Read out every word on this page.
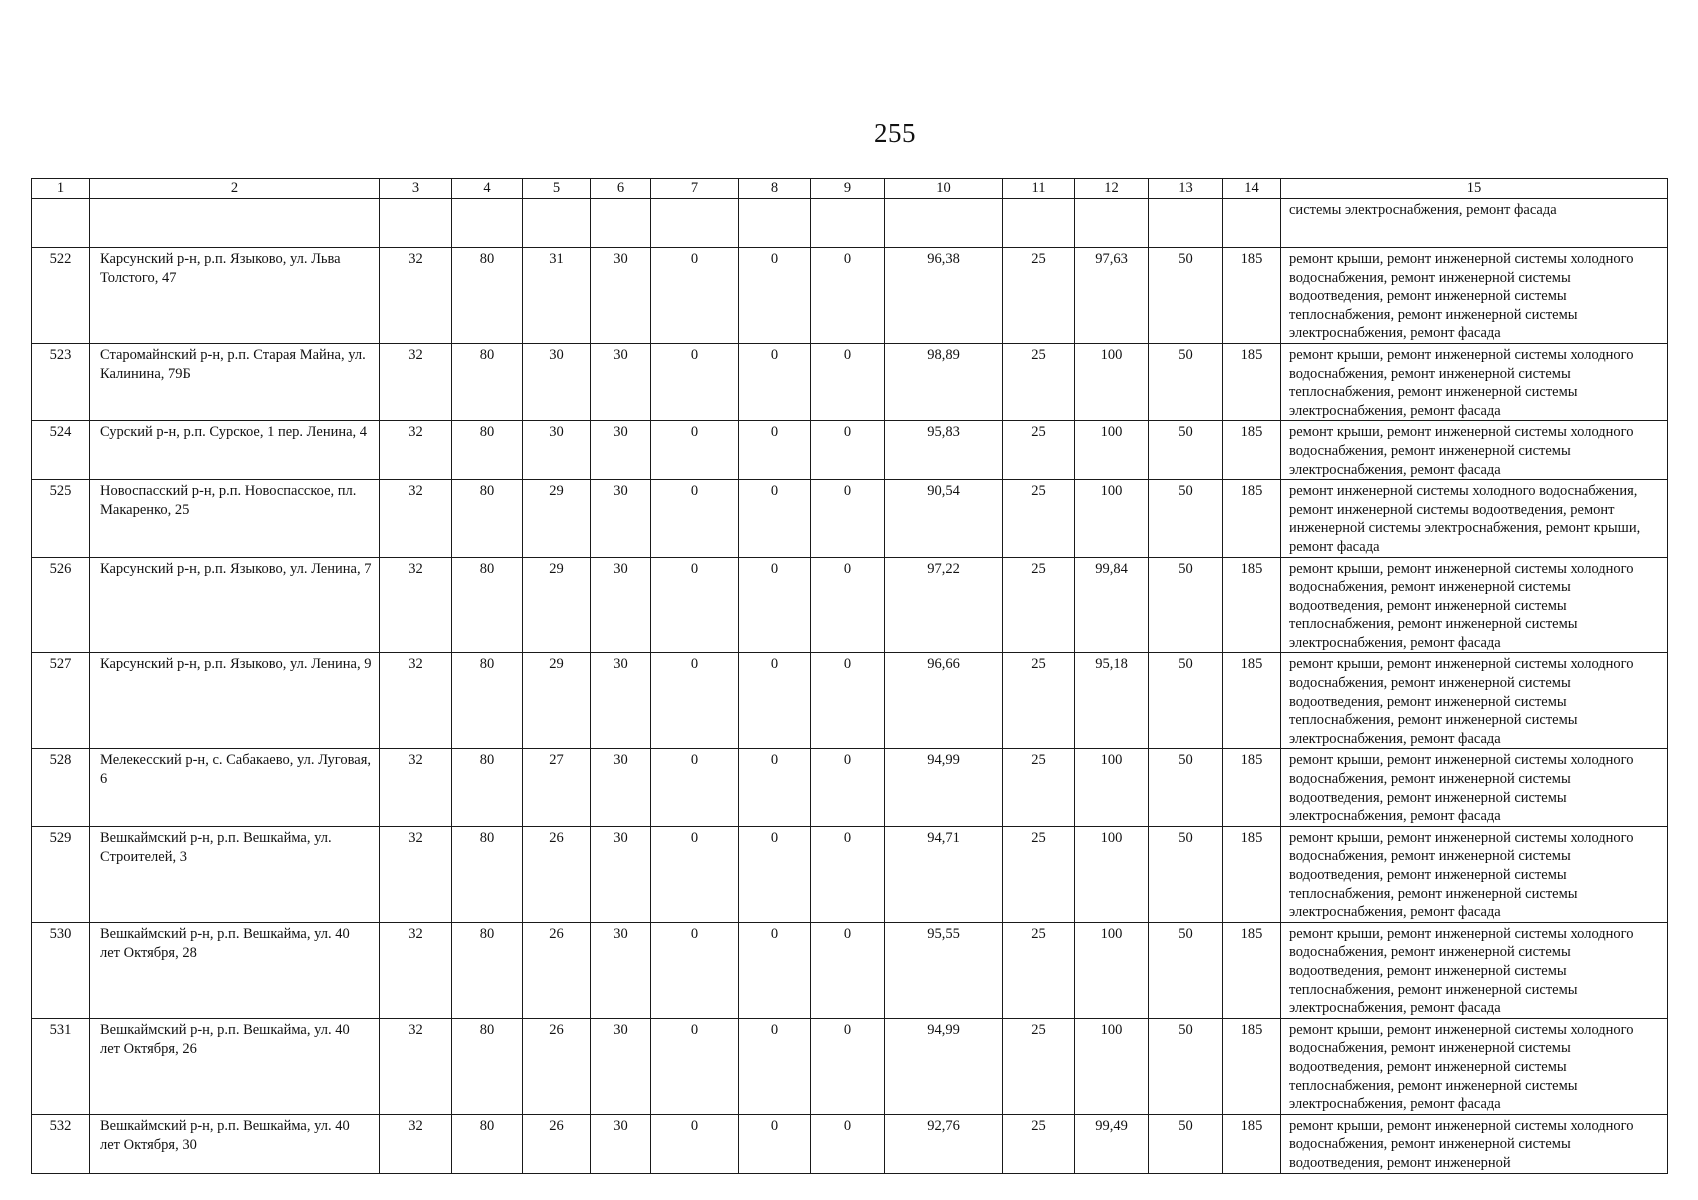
255
1	2	3	4	5	6	7	8	9	10	11	12	13	14	15
														системы электроснабжения, ремонт фасада
522	Карсунский р-н, р.п. Языково, ул. Льва Толстого, 47	32	80	31	30	0	0	0	96,38	25	97,63	50	185	ремонт крыши, ремонт инженерной системы холодного водоснабжения, ремонт инженерной системы водоотведения, ремонт инженерной системы теплоснабжения, ремонт инженерной системы электроснабжения, ремонт фасада
523	Старомайнский р-н, р.п. Старая Майна, ул. Калинина, 79Б	32	80	30	30	0	0	0	98,89	25	100	50	185	ремонт крыши, ремонт инженерной системы холодного водоснабжения, ремонт инженерной системы теплоснабжения, ремонт инженерной системы электроснабжения, ремонт фасада
524	Сурский р-н, р.п. Сурское, 1 пер. Ленина, 4	32	80	30	30	0	0	0	95,83	25	100	50	185	ремонт крыши, ремонт инженерной системы холодного водоснабжения, ремонт инженерной системы электроснабжения, ремонт фасада
525	Новоспасский р-н, р.п. Новоспасское, пл. Макаренко, 25	32	80	29	30	0	0	0	90,54	25	100	50	185	ремонт инженерной системы холодного водоснабжения, ремонт инженерной системы водоотведения, ремонт инженерной системы электроснабжения, ремонт крыши, ремонт фасада
526	Карсунский р-н, р.п. Языково, ул. Ленина, 7	32	80	29	30	0	0	0	97,22	25	99,84	50	185	ремонт крыши, ремонт инженерной системы холодного водоснабжения, ремонт инженерной системы водоотведения, ремонт инженерной системы теплоснабжения, ремонт инженерной системы электроснабжения, ремонт фасада
527	Карсунский р-н, р.п. Языково, ул. Ленина, 9	32	80	29	30	0	0	0	96,66	25	95,18	50	185	ремонт крыши, ремонт инженерной системы холодного водоснабжения, ремонт инженерной системы водоотведения, ремонт инженерной системы теплоснабжения, ремонт инженерной системы электроснабжения, ремонт фасада
528	Мелекесский р-н, с. Сабакаево, ул. Луговая, 6	32	80	27	30	0	0	0	94,99	25	100	50	185	ремонт крыши, ремонт инженерной системы холодного водоснабжения, ремонт инженерной системы водоотведения, ремонт инженерной системы электроснабжения, ремонт фасада
529	Вешкаймский р-н, р.п. Вешкайма, ул. Строителей, 3	32	80	26	30	0	0	0	94,71	25	100	50	185	ремонт крыши, ремонт инженерной системы холодного водоснабжения, ремонт инженерной системы водоотведения, ремонт инженерной системы теплоснабжения, ремонт инженерной системы электроснабжения, ремонт фасада
530	Вешкаймский р-н, р.п. Вешкайма, ул. 40 лет Октября, 28	32	80	26	30	0	0	0	95,55	25	100	50	185	ремонт крыши, ремонт инженерной системы холодного водоснабжения, ремонт инженерной системы водоотведения, ремонт инженерной системы теплоснабжения, ремонт инженерной системы электроснабжения, ремонт фасада
531	Вешкаймский р-н, р.п. Вешкайма, ул. 40 лет Октября, 26	32	80	26	30	0	0	0	94,99	25	100	50	185	ремонт крыши, ремонт инженерной системы холодного водоснабжения, ремонт инженерной системы водоотведения, ремонт инженерной системы теплоснабжения, ремонт инженерной системы электроснабжения, ремонт фасада
532	Вешкаймский р-н, р.п. Вешкайма, ул. 40 лет Октября, 30	32	80	26	30	0	0	0	92,76	25	99,49	50	185	ремонт крыши, ремонт инженерной системы холодного водоснабжения, ремонт инженерной системы водоотведения, ремонт инженерной
